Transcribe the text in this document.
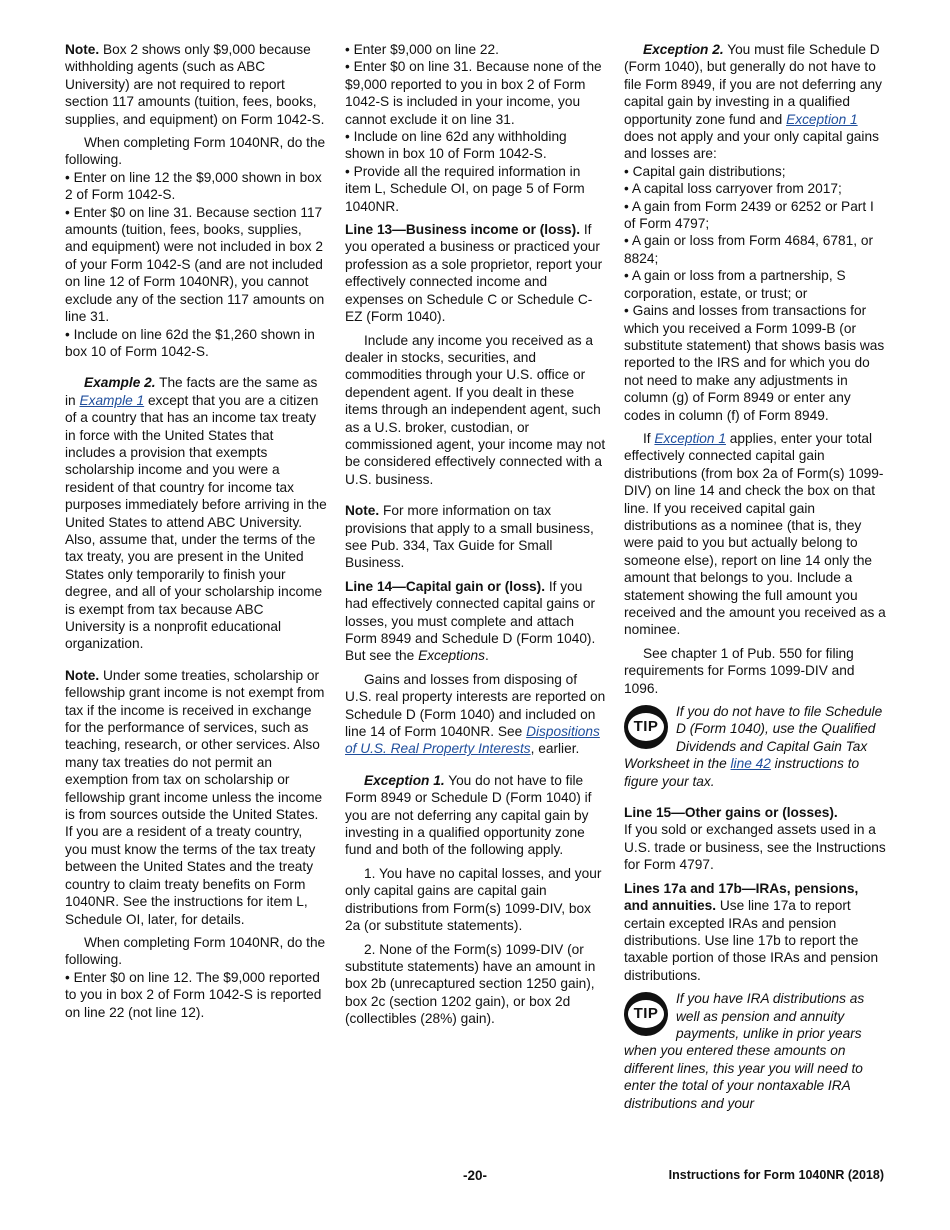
Note. Box 2 shows only $9,000 because withholding agents (such as ABC University) are not required to report section 117 amounts (tuition, fees, books, supplies, and equipment) on Form 1042-S.

When completing Form 1040NR, do the following.

• Enter on line 12 the $9,000 shown in box 2 of Form 1042-S.

• Enter $0 on line 31. Because section 117 amounts (tuition, fees, books, supplies, and equipment) were not included in box 2 of your Form 1042-S (and are not included on line 12 of Form 1040NR), you cannot exclude any of the section 117 amounts on line 31.

• Include on line 62d the $1,260 shown in box 10 of Form 1042-S.

Example 2. The facts are the same as in Example 1 except that you are a citizen of a country that has an income tax treaty in force with the United States that includes a provision that exempts scholarship income and you were a resident of that country for income tax purposes immediately before arriving in the United States to attend ABC University. Also, assume that, under the terms of the tax treaty, you are present in the United States only temporarily to finish your degree, and all of your scholarship income is exempt from tax because ABC University is a nonprofit educational organization.

Note. Under some treaties, scholarship or fellowship grant income is not exempt from tax if the income is received in exchange for the performance of services, such as teaching, research, or other services. Also many tax treaties do not permit an exemption from tax on scholarship or fellowship grant income unless the income is from sources outside the United States. If you are a resident of a treaty country, you must know the terms of the tax treaty between the United States and the treaty country to claim treaty benefits on Form 1040NR. See the instructions for item L, Schedule OI, later, for details.

When completing Form 1040NR, do the following.

• Enter $0 on line 12. The $9,000 reported to you in box 2 of Form 1042-S is reported on line 22 (not line 12).

• Enter $9,000 on line 22.

• Enter $0 on line 31. Because none of the $9,000 reported to you in box 2 of Form 1042-S is included in your income, you cannot exclude it on line 31.

• Include on line 62d any withholding shown in box 10 of Form 1042-S.

• Provide all the required information in item L, Schedule OI, on page 5 of Form 1040NR.

Line 13—Business income or (loss). If you operated a business or practiced your profession as a sole proprietor, report your effectively connected income and expenses on Schedule C or Schedule C-EZ (Form 1040).

Include any income you received as a dealer in stocks, securities, and commodities through your U.S. office or dependent agent. If you dealt in these items through an independent agent, such as a U.S. broker, custodian, or commissioned agent, your income may not be considered effectively connected with a U.S. business.

Note. For more information on tax provisions that apply to a small business, see Pub. 334, Tax Guide for Small Business.

Line 14—Capital gain or (loss). If you had effectively connected capital gains or losses, you must complete and attach Form 8949 and Schedule D (Form 1040). But see the Exceptions.

Gains and losses from disposing of U.S. real property interests are reported on Schedule D (Form 1040) and included on line 14 of Form 1040NR. See Dispositions of U.S. Real Property Interests, earlier.

Exception 1. You do not have to file Form 8949 or Schedule D (Form 1040) if you are not deferring any capital gain by investing in a qualified opportunity zone fund and both of the following apply.

1. You have no capital losses, and your only capital gains are capital gain distributions from Form(s) 1099-DIV, box 2a (or substitute statements).

2. None of the Form(s) 1099-DIV (or substitute statements) have an amount in box 2b (unrecaptured section 1250 gain), box 2c (section 1202 gain), or box 2d (collectibles (28%) gain).

Exception 2. You must file Schedule D (Form 1040), but generally do not have to file Form 8949, if you are not deferring any capital gain by investing in a qualified opportunity zone fund and Exception 1 does not apply and your only capital gains and losses are:

• Capital gain distributions;

• A capital loss carryover from 2017;

• A gain from Form 2439 or 6252 or Part I of Form 4797;

• A gain or loss from Form 4684, 6781, or 8824;

• A gain or loss from a partnership, S corporation, estate, or trust; or

• Gains and losses from transactions for which you received a Form 1099-B (or substitute statement) that shows basis was reported to the IRS and for which you do not need to make any adjustments in column (g) of Form 8949 or enter any codes in column (f) of Form 8949.

If Exception 1 applies, enter your total effectively connected capital gain distributions (from box 2a of Form(s) 1099-DIV) on line 14 and check the box on that line. If you received capital gain distributions as a nominee (that is, they were paid to you but actually belong to someone else), report on line 14 only the amount that belongs to you. Include a statement showing the full amount you received and the amount you received as a nominee.

See chapter 1 of Pub. 550 for filing requirements for Forms 1099-DIV and 1096.

TIP

If you do not have to file Schedule D (Form 1040), use the Qualified Dividends and Capital Gain Tax Worksheet in the line 42 instructions to figure your tax.

Line 15—Other gains or (losses).

If you sold or exchanged assets used in a U.S. trade or business, see the Instructions for Form 4797.

Lines 17a and 17b—IRAs, pensions, and annuities. Use line 17a to report certain excepted IRAs and pension distributions. Use line 17b to report the taxable portion of those IRAs and pension distributions.

TIP

If you have IRA distributions as well as pension and annuity payments, unlike in prior years when you entered these amounts on different lines, this year you will need to enter the total of your nontaxable IRA distributions and your

-20-	Instructions for Form 1040NR (2018)
